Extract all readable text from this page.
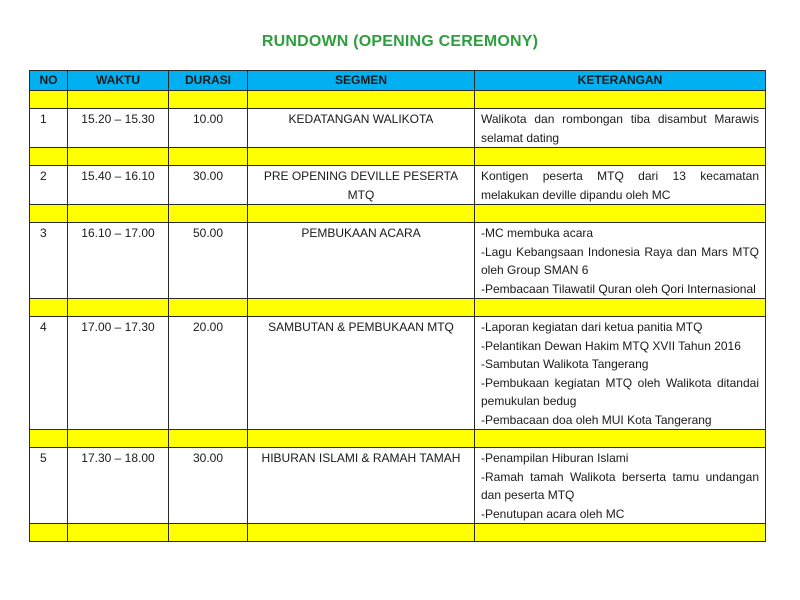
RUNDOWN (OPENING CEREMONY)
NO	WAKTU	DURASI	SEGMEN	KETERANGAN

1	15.20 – 15.30	10.00	KEDATANGAN WALIKOTA	Walikota dan rombongan tiba disambut Marawis selamat dating

2	15.40 – 16.10	30.00	PRE OPENING DEVILLE PESERTA MTQ	Kontigen peserta MTQ dari 13 kecamatan melakukan deville dipandu oleh MC

3	16.10 – 17.00	50.00	PEMBUKAAN ACARA	-MC membuka acara
-Lagu Kebangsaan Indonesia Raya dan Mars MTQ oleh Group SMAN 6
-Pembacaan Tilawatil Quran oleh Qori Internasional

4	17.00 – 17.30	20.00	SAMBUTAN & PEMBUKAAN MTQ	-Laporan kegiatan dari ketua panitia MTQ
-Pelantikan Dewan Hakim MTQ XVII Tahun 2016
-Sambutan Walikota Tangerang
-Pembukaan kegiatan MTQ oleh Walikota ditandai pemukulan bedug
-Pembacaan doa oleh MUI Kota Tangerang

5	17.30 – 18.00	30.00	HIBURAN ISLAMI & RAMAH TAMAH	-Penampilan Hiburan Islami
-Ramah tamah Walikota berserta tamu undangan dan peserta MTQ
-Penutupan acara oleh MC
